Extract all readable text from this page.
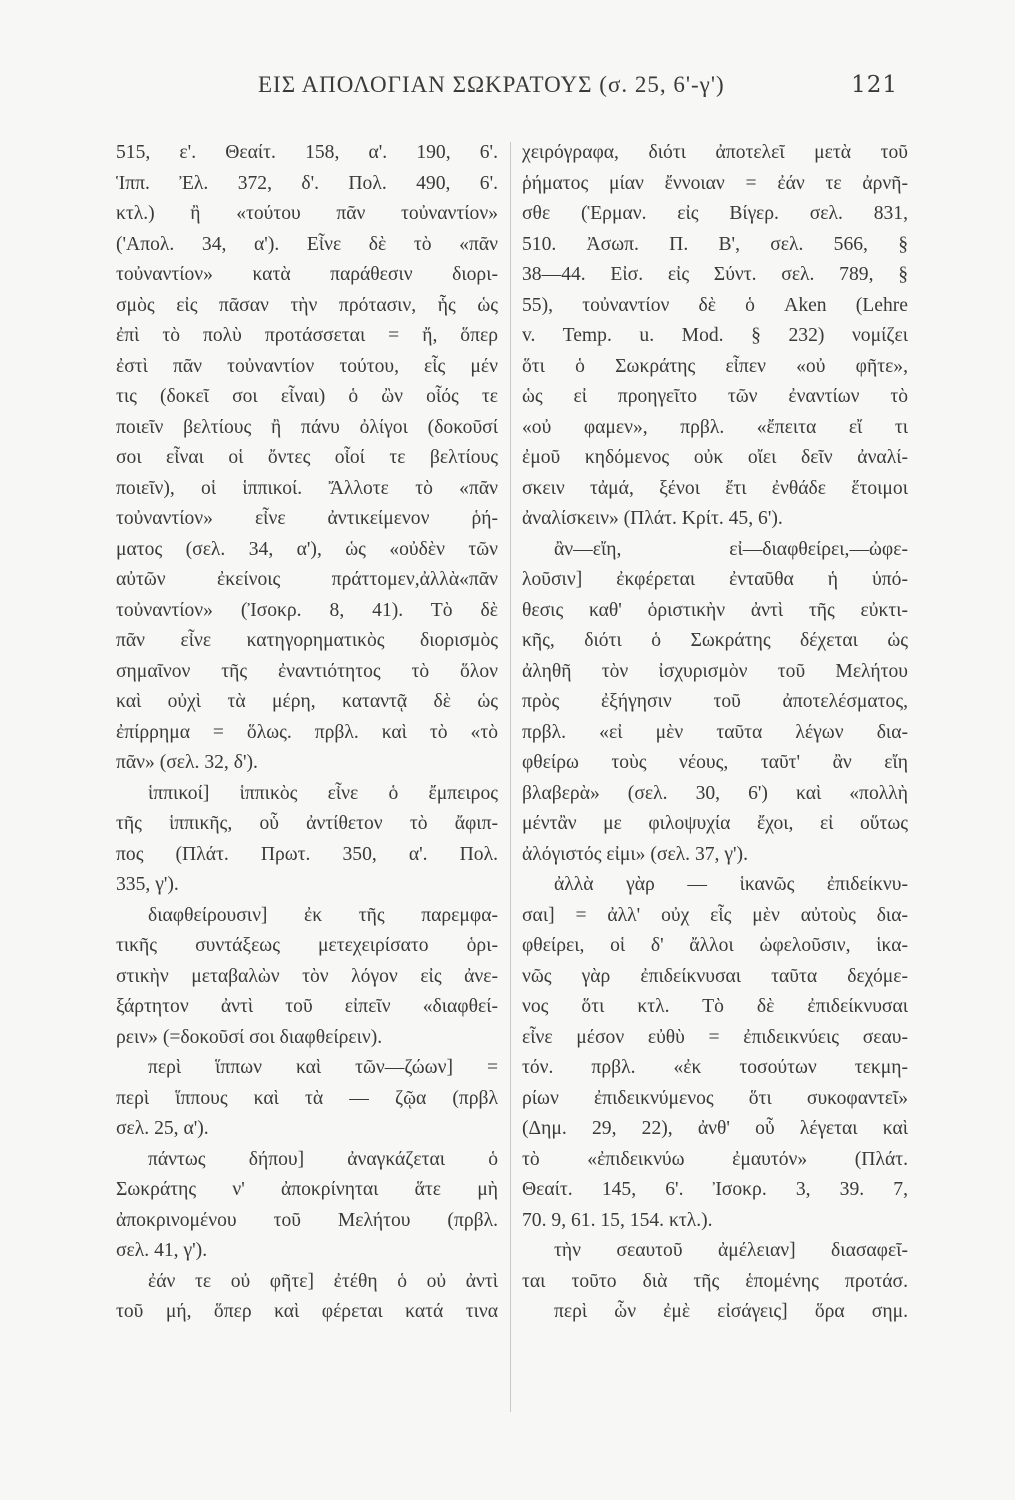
ΕΙΣ ΑΠΟΛΟΓΙΑΝ ΣΩΚΡΑΤΟΥΣ (σ. 25, 6'-γ')	121
515, ε'. Θεαίτ. 158, α'. 190, 6'.
Ἱππ. Ἐλ. 372, δ'. Πολ. 490, 6'.
κτλ.) ἢ «τούτου πᾶν τοὐναντίον»
('Απολ. 34, α'). Εἶνε δὲ τὸ «πᾶν
τοὐναντίον» κατὰ παράθεσιν διορι-
σμὸς εἰς πᾶσαν τὴν πρότασιν, ἧς ὡς
ἐπὶ τὸ πολὺ προτάσσεται = ἤ, ὅπερ
ἐστὶ πᾶν τοὐναντίον τούτου, εἷς μέν
τις (δοκεῖ σοι εἶναι) ὁ ὢν οἷός τε
ποιεῖν βελτίους ἢ πάνυ ὀλίγοι (δοκοῦσί
σοι εἶναι οἱ ὄντες οἷοί τε βελτίους
ποιεῖν), οἱ ἱππικοί. Ἄλλοτε τὸ «πᾶν
τοὐναντίον» εἶνε ἀντικείμενον ῥή-
ματος (σελ. 34, α'), ὡς «οὐδὲν τῶν
αὐτῶν ἐκείνοις πράττομεν,ἀλλὰ«πᾶν
τοὐναντίον» (Ἰσοκρ. 8, 41). Τὸ δὲ
πᾶν εἶνε κατηγορηματικὸς διορισμὸς
σημαῖνον τῆς ἐναντιότητος τὸ ὅλον
καὶ οὐχὶ τὰ μέρη, καταντᾷ δὲ ὡς
ἐπίρρημα = ὅλως. πρβλ. καὶ τὸ «τὸ
πᾶν» (σελ. 32, δ').
ἱππικοί] ἱππικὸς εἶνε ὁ ἔμπειρος
τῆς ἱππικῆς, οὗ ἀντίθετον τὸ ἄφιπ-
πος (Πλάτ. Πρωτ. 350, α'. Πολ.
335, γ').
διαφθείρουσιν] ἐκ τῆς παρεμφα-
τικῆς συντάξεως μετεχειρίσατο ὁρι-
στικὴν μεταβαλὼν τὸν λόγον εἰς ἀνε-
ξάρτητον ἀντὶ τοῦ εἰπεῖν «διαφθεί-
ρειν» (=δοκοῦσί σοι διαφθείρειν).
περὶ ἵππων καὶ τῶν—ζώων] =
περὶ ἵππους καὶ τὰ — ζῷα (πρβλ
σελ. 25, α').
πάντως δήπου] ἀναγκάζεται ὁ
Σωκράτης ν' ἀποκρίνηται ἅτε μὴ
ἀποκρινομένου τοῦ Μελήτου (πρβλ.
σελ. 41, γ').
ἐάν τε οὐ φῆτε] ἐτέθη ὁ οὐ ἀντὶ
τοῦ μή, ὅπερ καὶ φέρεται κατά τινα
χειρόγραφα, διότι ἀποτελεῖ μετὰ τοῦ
ῥήματος μίαν ἔννοιαν = ἐάν τε ἀρνῆ-
σθε (Ἑρμαν. εἰς Βίγερ. σελ. 831,
510. Ἀσωπ. Π. Β', σελ. 566, §
38—44. Εἰσ. εἰς Σύντ. σελ. 789, §
55), τοὐναντίον δὲ ὁ Aken (Lehre
v. Temp. u. Mod. § 232) νομίζει
ὅτι ὁ Σωκράτης εἶπεν «οὐ φῆτε»,
ὡς εἰ προηγεῖτο τῶν ἐναντίων τὸ
«οὐ φαμεν», πρβλ. «ἔπειτα εἴ τι
ἐμοῦ κηδόμενος οὐκ οἴει δεῖν ἀναλί-
σκειν τἀμά, ξένοι ἔτι ἐνθάδε ἕτοιμοι
ἀναλίσκειν» (Πλάτ. Κρίτ. 45, 6').
ἂν—εἴη, εἰ—διαφθείρει,—ὠφε-
λοῦσιν] ἐκφέρεται ἐνταῦθα ἡ ὑπό-
θεσις καθ' ὁριστικὴν ἀντὶ τῆς εὐκτι-
κῆς, διότι ὁ Σωκράτης δέχεται ὡς
ἀληθῆ τὸν ἰσχυρισμὸν τοῦ Μελήτου
πρὸς ἐξήγησιν τοῦ ἀποτελέσματος,
πρβλ. «εἰ μὲν ταῦτα λέγων δια-
φθείρω τοὺς νέους, ταῦτ' ἂν εἴη
βλαβερὰ» (σελ. 30, 6') καὶ «πολλὴ
μέντἂν με φιλοψυχία ἔχοι, εἰ οὕτως
ἀλόγιστός εἰμι» (σελ. 37, γ').
ἀλλὰ γὰρ — ἱκανῶς ἐπιδείκνυ-
σαι] = ἀλλ' οὐχ εἷς μὲν αὐτοὺς δια-
φθείρει, οἱ δ' ἄλλοι ὠφελοῦσιν, ἱκα-
νῶς γὰρ ἐπιδείκνυσαι ταῦτα δεχόμε-
νος ὅτι κτλ. Τὸ δὲ ἐπιδείκνυσαι
εἶνε μέσον εὐθὺ = ἐπιδεικνύεις σεαυ-
τόν. πρβλ. «ἐκ τοσούτων τεκμη-
ρίων ἐπιδεικνύμενος ὅτι συκοφαντεῖ»
(Δημ. 29, 22), ἀνθ' οὗ λέγεται καὶ
τὸ «ἐπιδεικνύω ἐμαυτόν» (Πλάτ.
Θεαίτ. 145, 6'. Ἰσοκρ. 3, 39. 7,
70. 9, 61. 15, 154. κτλ.).
τὴν σεαυτοῦ ἀμέλειαν] διασαφεῖ-
ται τοῦτο διὰ τῆς ἑπομένης προτάσ.
περὶ ὧν ἐμὲ εἰσάγεις] ὅρα σημ.
